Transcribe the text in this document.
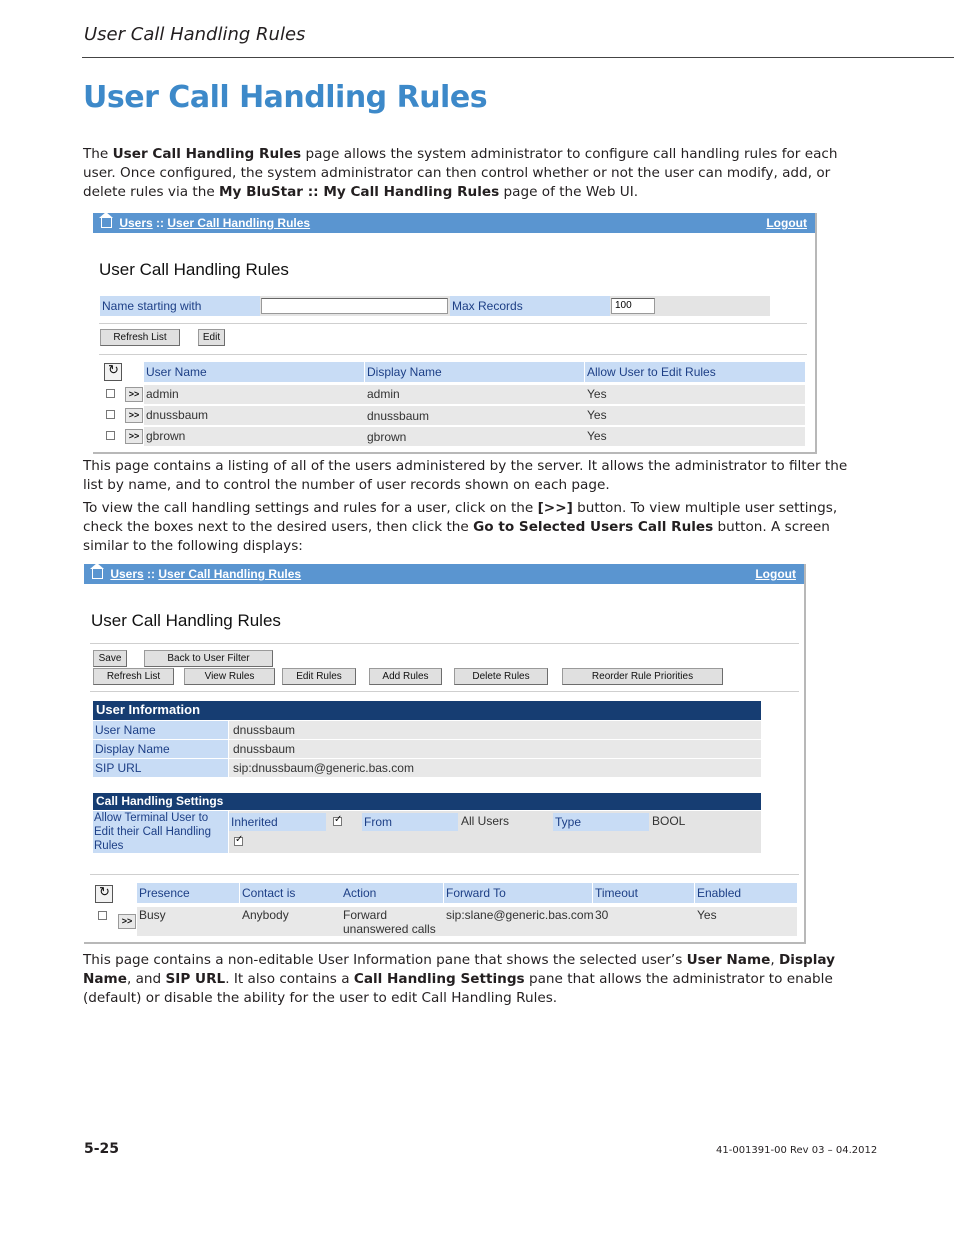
User Call Handling Rules
User Call Handling Rules
The User Call Handling Rules page allows the system administrator to configure call handling rules for each user. Once configured, the system administrator can then control whether or not the user can modify, add, or delete rules via the My BluStar :: My Call Handling Rules page of the Web UI.
Users :: User Call Handling Rules	Logout
User Call Handling Rules
Name starting with	Max Records	100
Refresh List	Edit
↻
User Name	Display Name	Allow User to Edit Rules
>> admin	admin	Yes
>> dnussbaum	dnussbaum	Yes
>> gbrown	gbrown	Yes
This page contains a listing of all of the users administered by the server. It allows the administrator to filter the list by name, and to control the number of user records shown on each page.
To view the call handling settings and rules for a user, click on the [>>] button. To view multiple user settings, check the boxes next to the desired users, then click the Go to Selected Users Call Rules button. A screen similar to the following displays:
Users :: User Call Handling Rules	Logout
User Call Handling Rules
Save	Back to User Filter
Refresh List	View Rules	Edit Rules	Add Rules	Delete Rules	Reorder Rule Priorities
User Information
User Name	dnussbaum
Display Name	dnussbaum
SIP URL	sip:dnussbaum@generic.bas.com
Call Handling Settings
Allow Terminal User to Edit their Call Handling Rules
Inherited
✓	From	All Users	Type	BOOL
✓
↻
Presence	Contact is	Action	Forward To	Timeout	Enabled
>> Busy	Anybody	Forward unanswered calls
sip:slane@generic.bas.com 30	Yes
This page contains a non-editable User Information pane that shows the selected user’s User Name, Display Name, and SIP URL. It also contains a Call Handling Settings pane that allows the administrator to enable (default) or disable the ability for the user to edit Call Handling Rules.
5-25	41-001391-00 Rev 03 – 04.2012
